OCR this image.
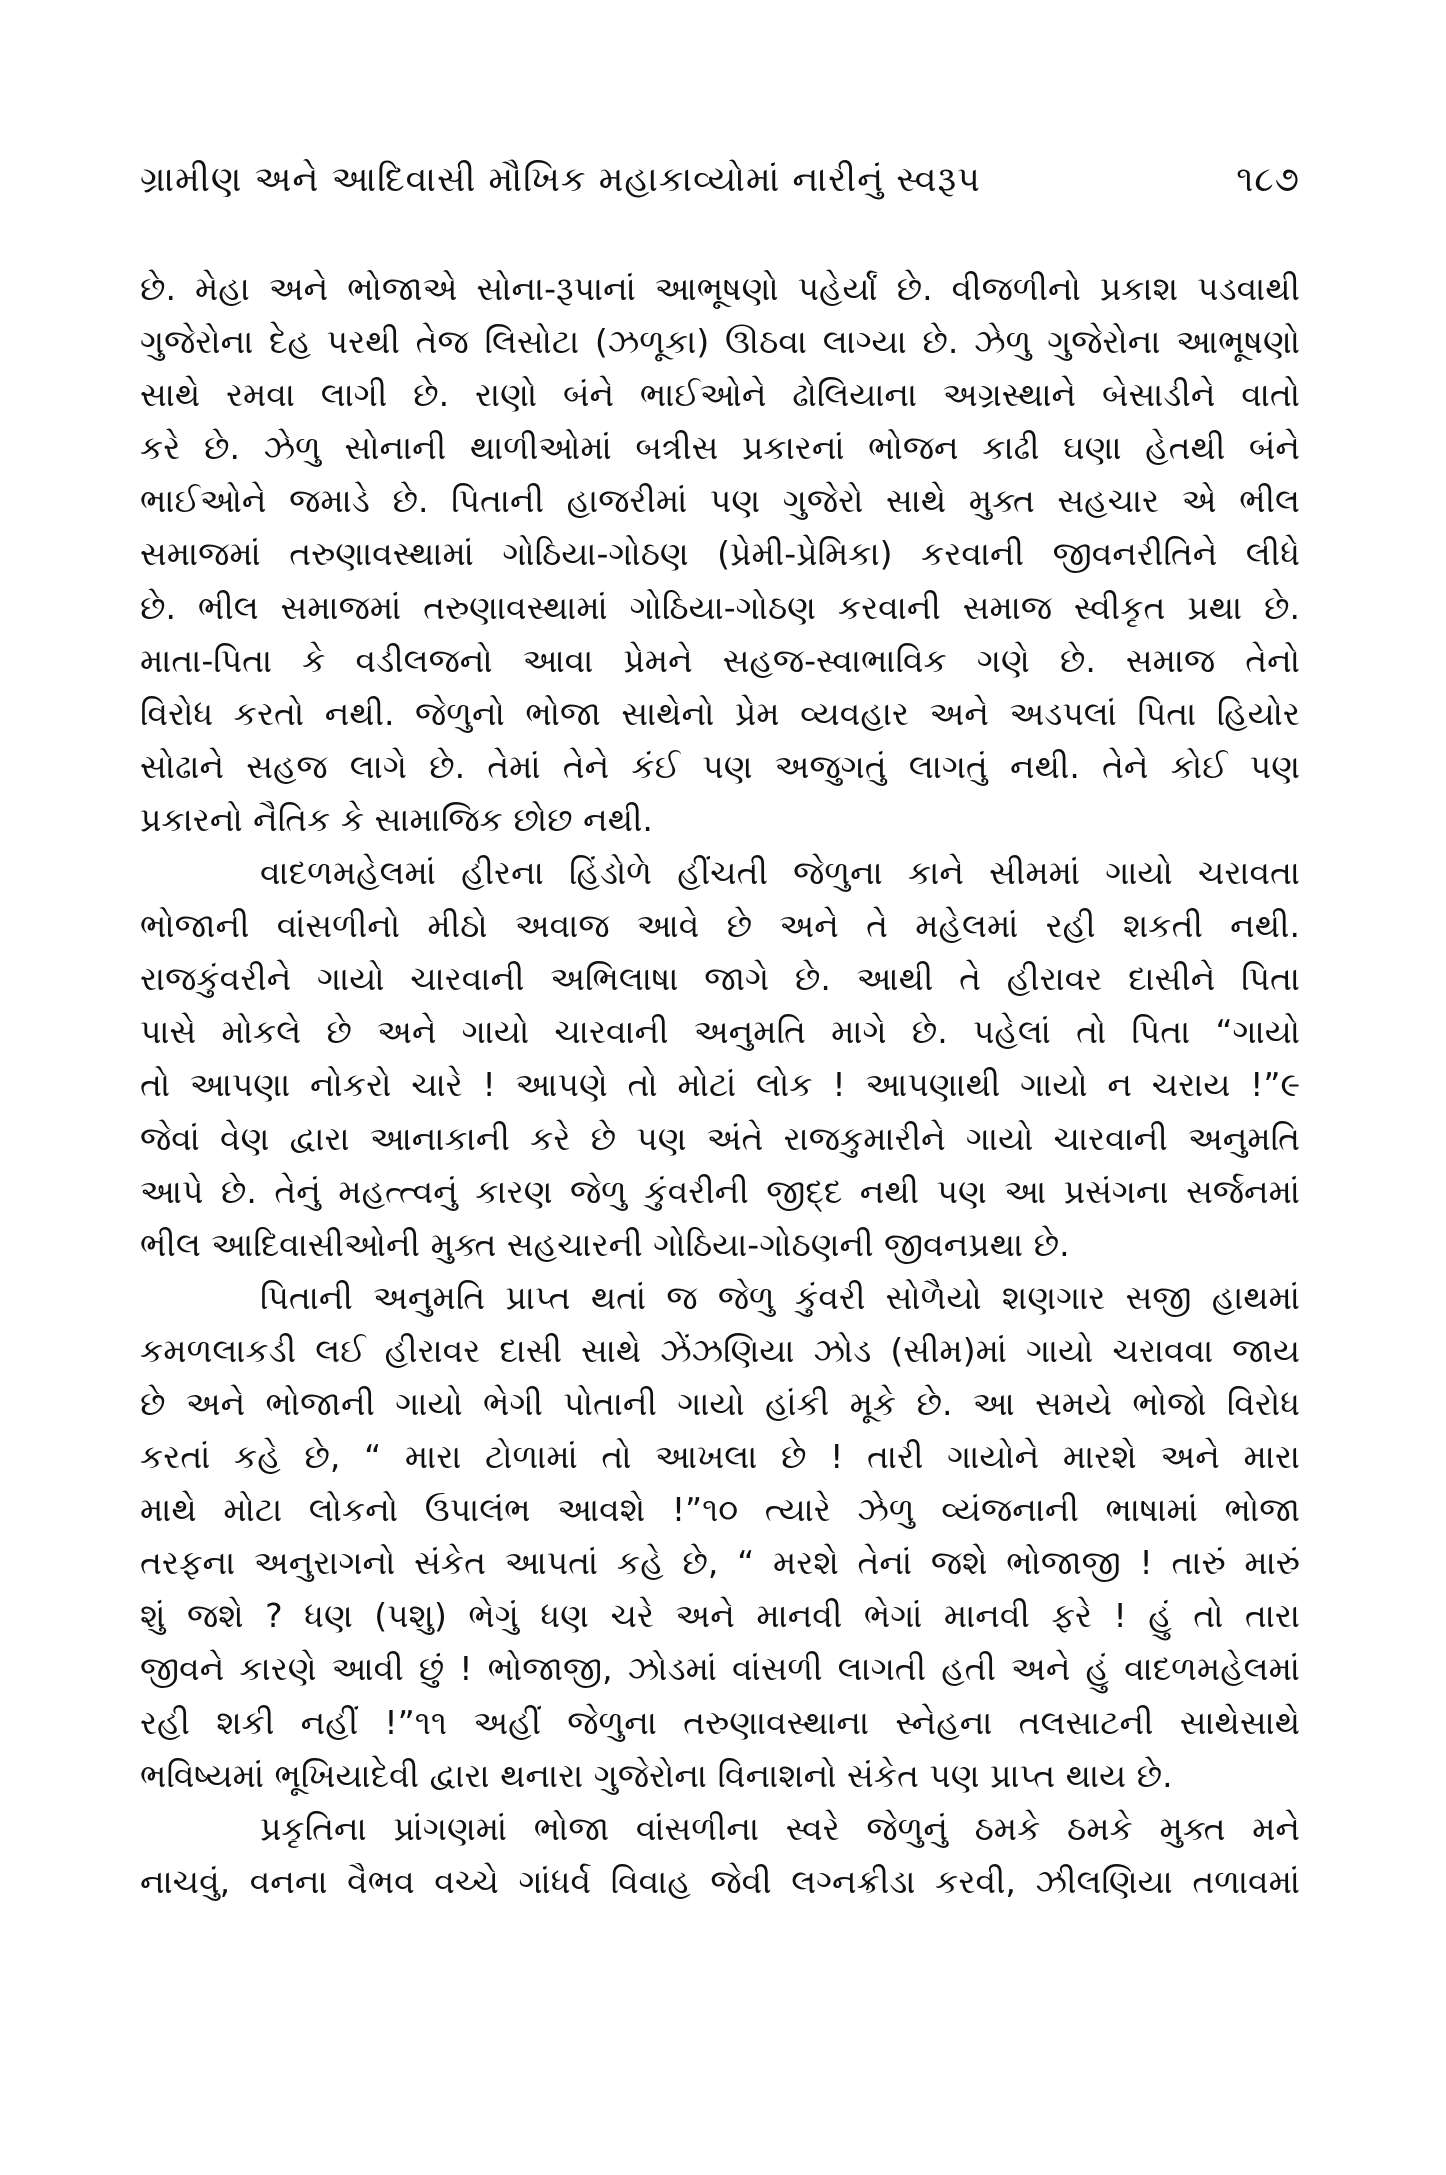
ગ્રામીણ અને આદિવાસી મૌખિક મહાકાવ્યોમાં નારીનું સ્વરૂપ	૧૮૭
છે. મેહા અને ભોજાએ સોના-રૂપાનાં આભૂષણો પહેર્યાં છે. વીજળીનો પ્રકાશ પડવાથી
ગુજેરોના દેહ પરથી તેજ લિસોટા (ઝળૂકા) ઊઠવા લાગ્યા છે. ઝેળુ ગુજેરોના આભૂષણો
સાથે રમવા લાગી છે. રાણો બંને ભાઈઓને ઢોલિયાના અગ્રસ્થાને બેસાડીને વાતો
કરે છે. ઝેળુ સોનાની થાળીઓમાં બત્રીસ પ્રકારનાં ભોજન કાઢી ઘણા હેતથી બંને
ભાઈઓને જમાડે છે. પિતાની હાજરીમાં પણ ગુજેરો સાથે મુક્ત સહચાર એ ભીલ
સમાજમાં તરુણાવસ્થામાં ગોઠિયા-ગોઠણ (પ્રેમી-પ્રેમિકા) કરવાની જીવનરીતિને લીધે
છે. ભીલ સમાજમાં તરુણાવસ્થામાં ગોઠિયા-ગોઠણ કરવાની સમાજ સ્વીકૃત પ્રથા છે.
માતા-પિતા કે વડીલજનો આવા પ્રેમને સહજ-સ્વાભાવિક ગણે છે. સમાજ તેનો
વિરોધ કરતો નથી. જેળુનો ભોજા સાથેનો પ્રેમ વ્યવહાર અને અડપલાં પિતા હિયોર
સોઢાને સહજ લાગે છે. તેમાં તેને કંઈ પણ અજુગતું લાગતું નથી. તેને કોઈ પણ
પ્રકારનો નૈતિક કે સામાજિક છોછ નથી.
વાદળમહેલમાં હીરના હિંડોળે હીંચતી જેળુના કાને સીમમાં ગાયો ચરાવતા
ભોજાની વાંસળીનો મીઠો અવાજ આવે છે અને તે મહેલમાં રહી શકતી નથી.
રાજકુંવરીને ગાયો ચારવાની અભિલાષા જાગે છે. આથી તે હીરાવર દાસીને પિતા
પાસે મોકલે છે અને ગાયો ચારવાની અનુમતિ માગે છે. પહેલાં તો પિતા “ગાયો
તો આપણા નોકરો ચારે ! આપણે તો મોટાં લોક ! આપણાથી ગાયો ન ચરાય !”૯
જેવાં વેણ દ્વારા આનાકાની કરે છે પણ અંતે રાજકુમારીને ગાયો ચારવાની અનુમતિ
આપે છે. તેનું મહત્ત્વનું કારણ જેળુ કુંવરીની જીદ્દ નથી પણ આ પ્રસંગના સર્જનમાં
ભીલ આદિવાસીઓની મુક્ત સહચારની ગોઠિયા-ગોઠણની જીવનપ્રથા છે.
પિતાની અનુમતિ પ્રાપ્ત થતાં જ જેળુ કુંવરી સોળૈયો શણગાર સજી હાથમાં
કમળલાકડી લઈ હીરાવર દાસી સાથે ઝેંઝણિયા ઝોડ (સીમ)માં ગાયો ચરાવવા જાય
છે અને ભોજાની ગાયો ભેગી પોતાની ગાયો હાંકી મૂકે છે. આ સમયે ભોજો વિરોધ
કરતાં કહે છે, “ મારા ટોળામાં તો આખલા છે ! તારી ગાયોને મારશે અને મારા
માથે મોટા લોકનો ઉપાલંભ આવશે !”૧૦ ત્યારે ઝેળુ વ્યંજનાની ભાષામાં ભોજા
તરફના અનુરાગનો સંકેત આપતાં કહે છે, “ મરશે તેનાં જશે ભોજાજી ! તારું મારું
શું જશે ? ધણ (પશુ) ભેગું ધણ ચરે અને માનવી ભેગાં માનવી ફરે ! હું તો તારા
જીવને કારણે આવી છું ! ભોજાજી, ઝોડમાં વાંસળી લાગતી હતી અને હું વાદળમહેલમાં
રહી શકી નહીં !”૧૧ અહીં જેળુના તરુણાવસ્થાના સ્નેહના તલસાટની સાથેસાથે
ભવિષ્યમાં ભૂખિયાદેવી દ્વારા થનારા ગુજેરોના વિનાશનો સંકેત પણ પ્રાપ્ત થાય છે.
પ્રકૃતિના પ્રાંગણમાં ભોજા વાંસળીના સ્વરે જેળુનું ઠમકે ઠમકે મુક્ત મને
નાચવું, વનના વૈભવ વચ્ચે ગાંધર્વ વિવાહ જેવી લગ્નક્રીડા કરવી, ઝીલણિયા તળાવમાં
